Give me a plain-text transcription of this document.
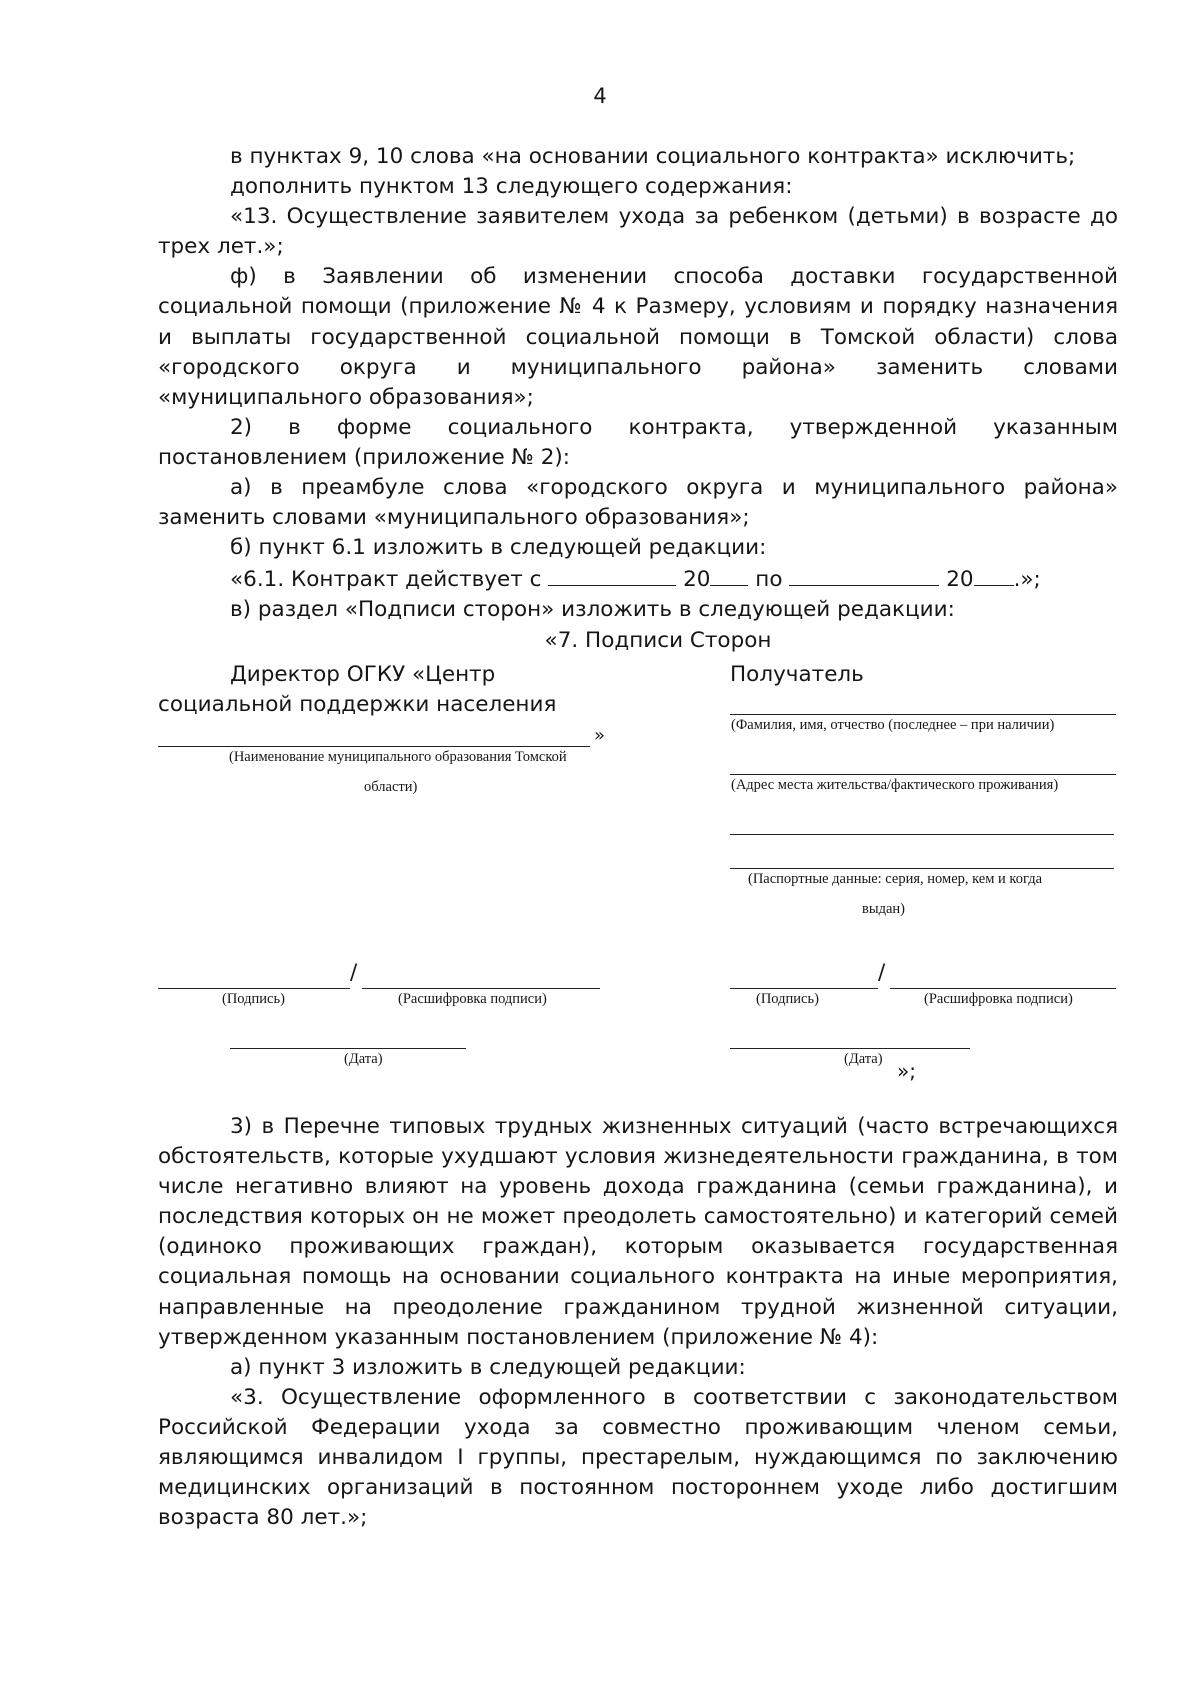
4

в пунктах 9, 10 слова «на основании социального контракта» исключить;

дополнить пунктом 13 следующего содержания:

«13. Осуществление заявителем ухода за ребенком (детьми) в возрасте до трех лет.»;

ф) в Заявлении об изменении способа доставки государственной социальной помощи (приложение № 4 к Размеру, условиям и порядку назначения и выплаты государственной социальной помощи в Томской области) слова «городского округа и муниципального района» заменить словами «муниципального образования»;

2) в форме социального контракта, утвержденной указанным постановлением (приложение № 2):

а) в преамбуле слова «городского округа и муниципального района» заменить словами «муниципального образования»;

б) пункт 6.1 изложить в следующей редакции:

«6.1. Контракт действует с	20 по	20 .»;

в) раздел «Подписи сторон» изложить в следующей редакции:

«7. Подписи Сторон

Директор ОГКУ «Центр
социальной поддержки населения
»
(Наименование муниципального образования Томской
области)
Получатель
(Фамилия, имя, отчество (последнее – при наличии)
(Адрес места жительства/фактического проживания)
(Паспортные данные: серия, номер, кем и когда
выдан)
/
(Подпись)	(Расшифровка подписи)
(Дата)
/
(Подпись)	(Расшифровка подписи)
(Дата) »;

3) в Перечне типовых трудных жизненных ситуаций (часто встречающихся обстоятельств, которые ухудшают условия жизнедеятельности гражданина, в том числе негативно влияют на уровень дохода гражданина (семьи гражданина), и последствия которых он не может преодолеть самостоятельно) и категорий семей (одиноко проживающих граждан), которым оказывается государственная социальная помощь на основании социального контракта на иные мероприятия, направленные на преодоление гражданином трудной жизненной ситуации, утвержденном указанным постановлением (приложение № 4):

а) пункт 3 изложить в следующей редакции:

«3. Осуществление оформленного в соответствии с законодательством Российской Федерации ухода за совместно проживающим членом семьи, являющимся инвалидом I группы, престарелым, нуждающимся по заключению медицинских организаций в постоянном постороннем уходе либо достигшим возраста 80 лет.»;
